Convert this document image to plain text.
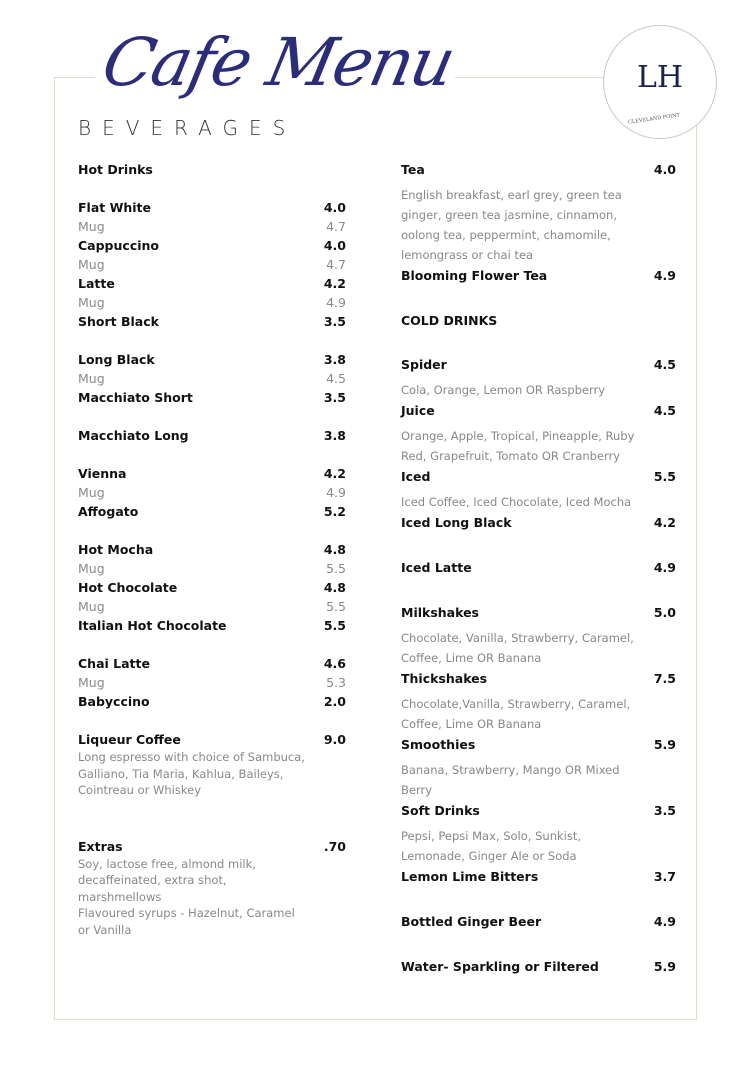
Cafe Menu
BEVERAGES
LH
CLEVELAND POINT
Hot Drinks
Flat White	4.0
Mug	4.7
Cappuccino	4.0
Mug	4.7
Latte	4.2
Mug	4.9
Short Black	3.5
Long Black	3.8
Mug	4.5
Macchiato Short	3.5
Macchiato Long	3.8
Vienna	4.2
Mug	4.9
Affogato	5.2
Hot Mocha	4.8
Mug	5.5
Hot Chocolate	4.8
Mug	5.5
Italian Hot Chocolate	5.5
Chai Latte	4.6
Mug	5.3
Babyccino	2.0
Liqueur Coffee	9.0
Long espresso with choice of Sambuca,
Galliano, Tia Maria, Kahlua, Baileys,
Cointreau or Whiskey
Extras	.70
Soy, lactose free, almond milk,
decaffeinated, extra shot,
marshmellows
Flavoured syrups - Hazelnut, Caramel
or Vanilla
Tea	4.0
English breakfast, earl grey, green tea
ginger, green tea jasmine, cinnamon,
oolong tea, peppermint, chamomile,
lemongrass or chai tea
Blooming Flower Tea	4.9
COLD DRINKS
Spider	4.5
Cola, Orange, Lemon OR Raspberry
Juice	4.5
Orange, Apple, Tropical, Pineapple, Ruby
Red, Grapefruit, Tomato OR Cranberry
Iced	5.5
Iced Coffee, Iced Chocolate, Iced Mocha
Iced Long Black	4.2
Iced Latte	4.9
Milkshakes	5.0
Chocolate, Vanilla, Strawberry, Caramel,
Coffee, Lime OR Banana
Thickshakes	7.5
Chocolate,Vanilla, Strawberry, Caramel,
Coffee, Lime OR Banana
Smoothies	5.9
Banana, Strawberry, Mango OR Mixed
Berry
Soft Drinks	3.5
Pepsi, Pepsi Max, Solo, Sunkist,
Lemonade, Ginger Ale or Soda
Lemon Lime Bitters	3.7
Bottled Ginger Beer	4.9
Water- Sparkling or Filtered	5.9
